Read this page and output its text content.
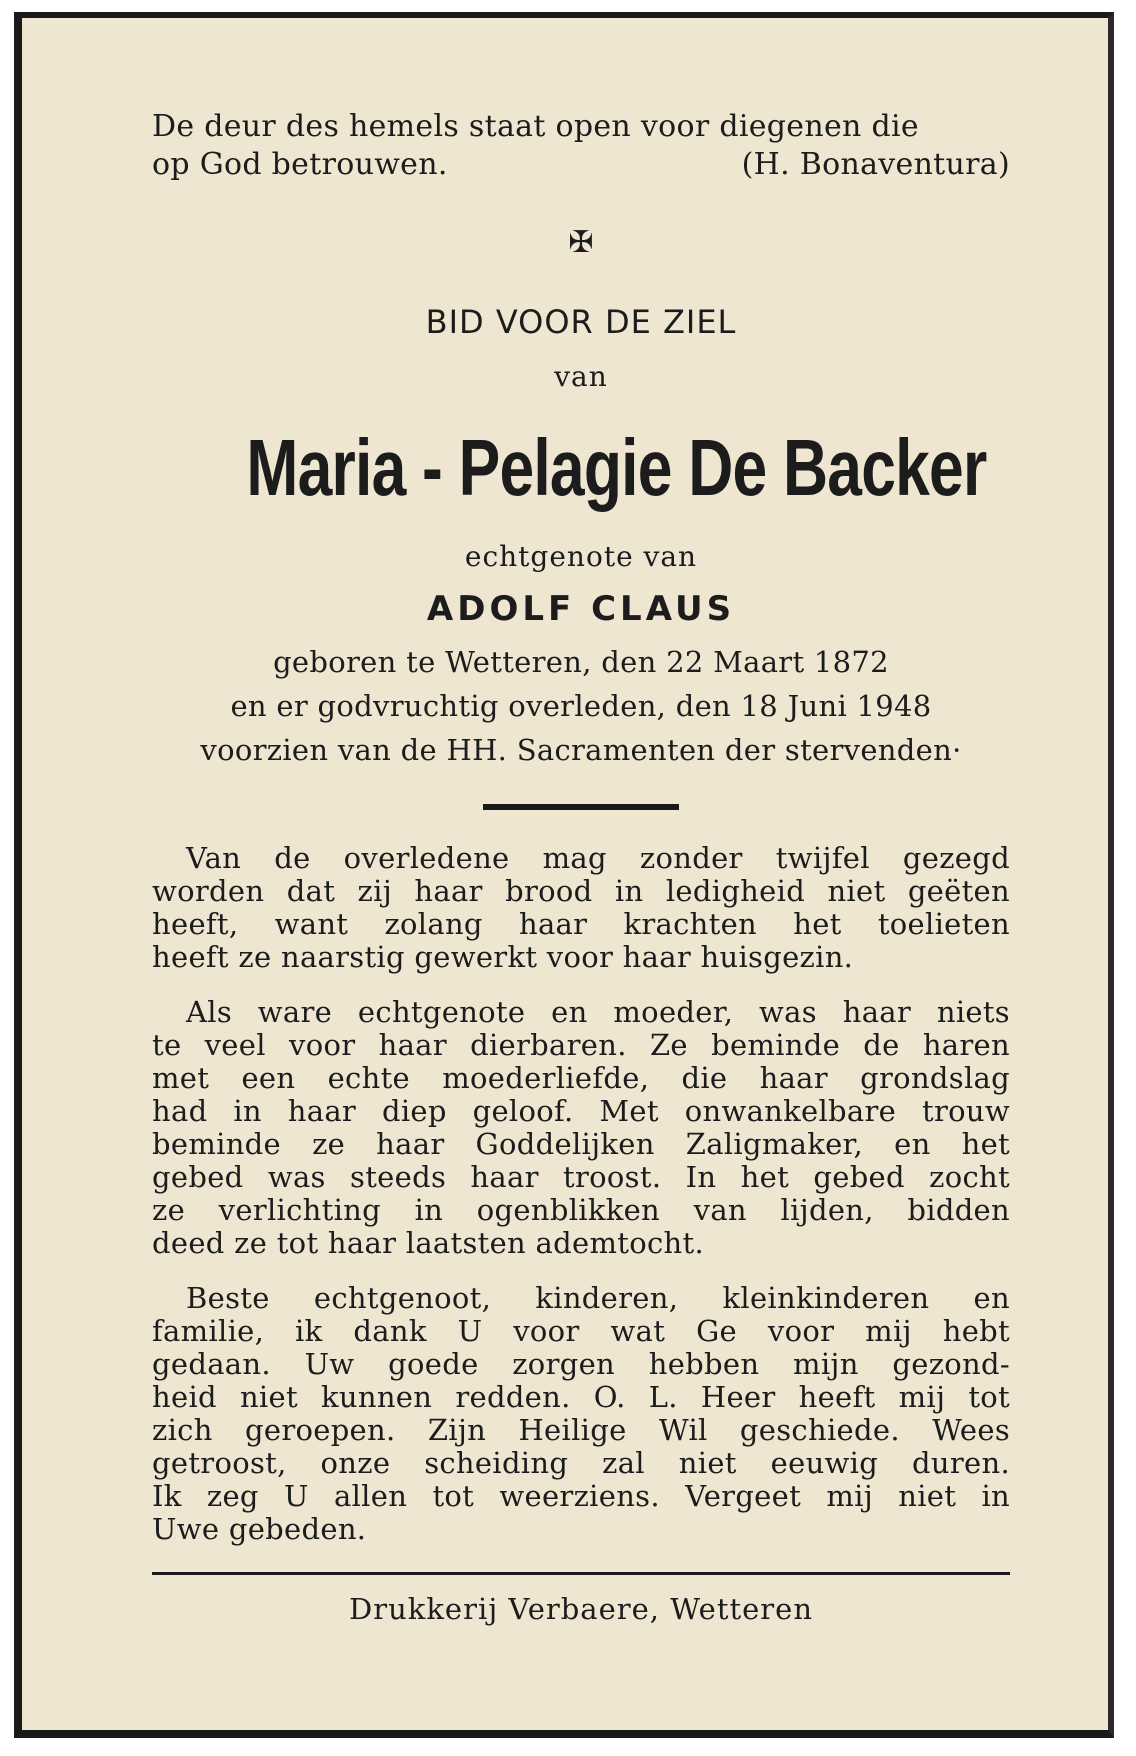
De deur des hemels staat open voor diegenen die
op God betrouwen.	(H. Bonaventura)
✠
BID VOOR DE ZIEL
van
Maria - Pelagie De Backer
echtgenote van
ADOLF CLAUS
geboren te Wetteren, den 22 Maart 1872
en er godvruchtig overleden, den 18 Juni 1948
voorzien van de HH. Sacramenten der stervenden·
Van de overledene mag zonder twijfel gezegd
worden dat zij haar brood in ledigheid niet geëten
heeft, want zolang haar krachten het toelieten
heeft ze naarstig gewerkt voor haar huisgezin.
Als ware echtgenote en moeder, was haar niets
te veel voor haar dierbaren. Ze beminde de haren
met een echte moederliefde, die haar grondslag
had in haar diep geloof. Met onwankelbare trouw
beminde ze haar Goddelijken Zaligmaker, en het
gebed was steeds haar troost. In het gebed zocht
ze verlichting in ogenblikken van lijden, bidden
deed ze tot haar laatsten ademtocht.
Beste echtgenoot, kinderen, kleinkinderen en
familie, ik dank U voor wat Ge voor mij hebt
gedaan. Uw goede zorgen hebben mijn gezond-
heid niet kunnen redden. O. L. Heer heeft mij tot
zich geroepen. Zijn Heilige Wil geschiede. Wees
getroost, onze scheiding zal niet eeuwig duren.
Ik zeg U allen tot weerziens. Vergeet mij niet in
Uwe gebeden.
Drukkerij Verbaere, Wetteren
